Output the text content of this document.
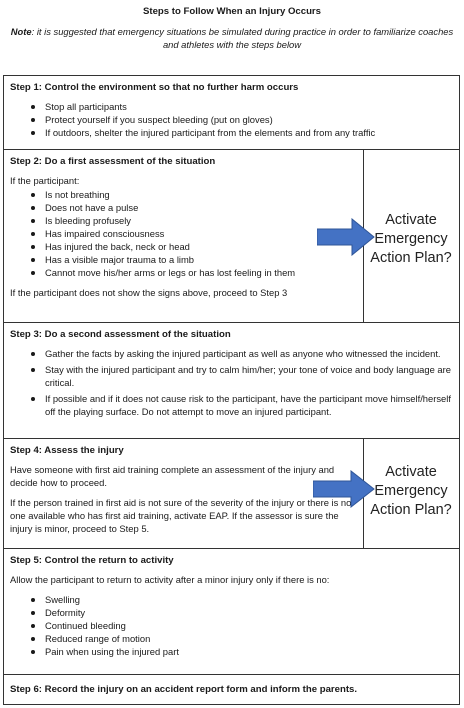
Steps to Follow When an Injury Occurs
Note: it is suggested that emergency situations be simulated during practice in order to familiarize coaches and athletes with the steps below
Step 1: Control the environment so that no further harm occurs
Stop all participants
Protect yourself if you suspect bleeding (put on gloves)
If outdoors, shelter the injured participant from the elements and from any traffic
Step 2: Do a first assessment of the situation
If the participant:
Is not breathing
Does not have a pulse
Is bleeding profusely
Has impaired consciousness
Has injured the back, neck or head
Has a visible major trauma to a limb
Cannot move his/her arms or legs or has lost feeling in them
If the participant does not show the signs above, proceed to Step 3
Step 3: Do a second assessment of the situation
Gather the facts by asking the injured participant as well as anyone who witnessed the incident.
Stay with the injured participant and try to calm him/her; your tone of voice and body language are critical.
If possible and if it does not cause risk to the participant, have the participant move himself/herself off the playing surface. Do not attempt to move an injured participant.
Step 4: Assess the injury
Have someone with first aid training complete an assessment of the injury and decide how to proceed.
If the person trained in first aid is not sure of the severity of the injury or there is no one available who has first aid training, activate EAP. If the assessor is sure the injury is minor, proceed to Step 5.
Step 5: Control the return to activity
Allow the participant to return to activity after a minor injury only if there is no:
Swelling
Deformity
Continued bleeding
Reduced range of motion
Pain when using the injured part
Step 6: Record the injury on an accident report form and inform the parents.
Activate
Emergency
Action Plan?
Activate
Emergency
Action Plan?
